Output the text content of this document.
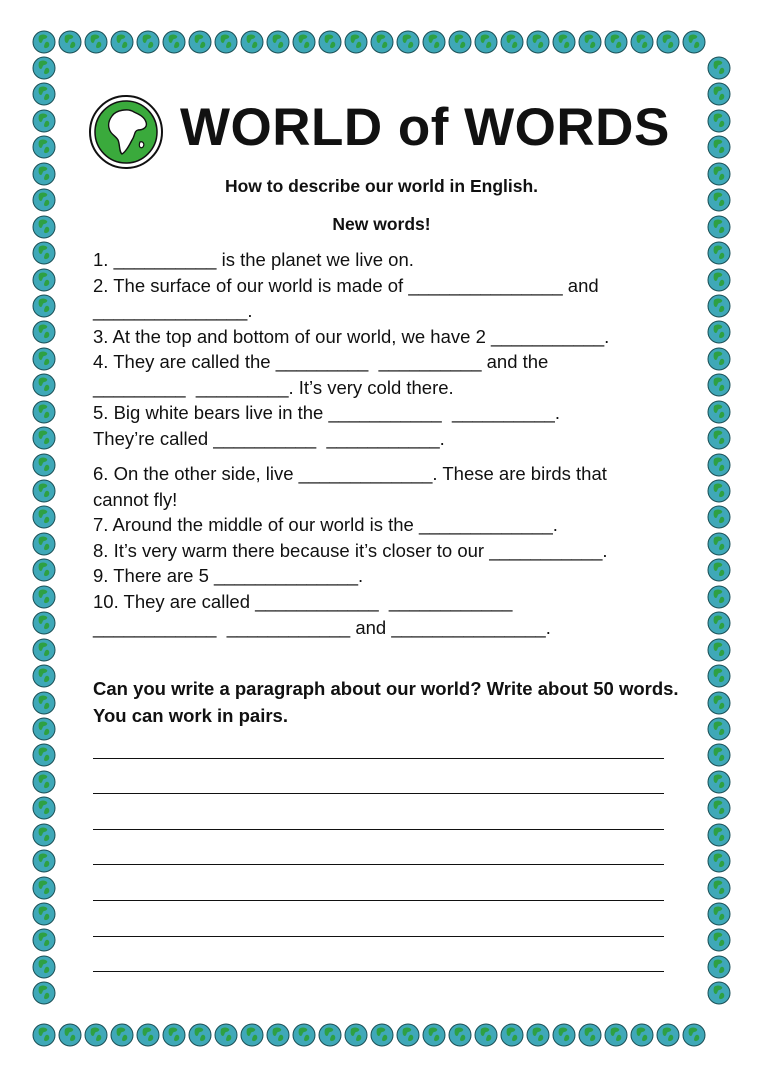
WORLD of WORDS

How to describe our world in English.

New words!

1. __________ is the planet we live on.

2. The surface of our world is made of _______________ and

_______________.

3. At the top and bottom of our world, we have 2 ___________.

4. They are called the _________  __________ and the

_________  _________. It’s very cold there.

5. Big white bears live in the ___________  __________.

They’re called __________  ___________.

6. On the other side, live _____________. These are birds that

cannot fly!

7. Around the middle of our world is the _____________.

8. It’s very warm there because it’s closer to our ___________.

9. There are 5 ______________.

10. They are called ____________  ____________

____________  ____________ and _______________.

Can you write a paragraph about our world? Write about 50 words. You can work in pairs.
